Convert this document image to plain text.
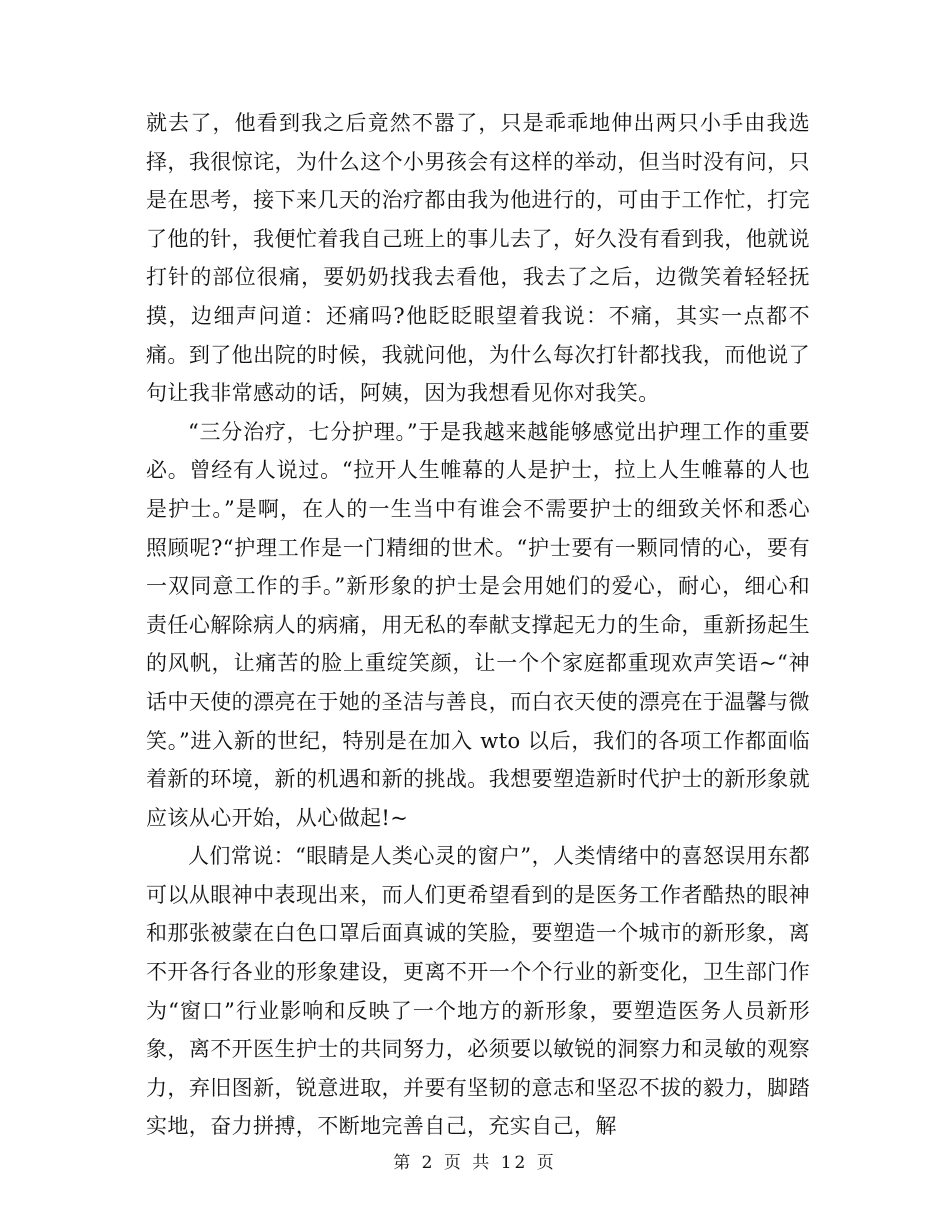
就去了，他看到我之后竟然不嚣了，只是乖乖地伸出两只小手由我选择，我很惊诧，为什么这个小男孩会有这样的举动，但当时没有问，只是在思考，接下来几天的治疗都由我为他进行的，可由于工作忙，打完了他的针，我便忙着我自己班上的事儿去了，好久没有看到我，他就说打针的部位很痛，要奶奶找我去看他，我去了之后，边微笑着轻轻抚摸，边细声问道：还痛吗?他眨眨眼望着我说：不痛，其实一点都不痛。到了他出院的时候，我就问他，为什么每次打针都找我，而他说了句让我非常感动的话，阿姨，因为我想看见你对我笑。

“三分治疗，七分护理。”于是我越来越能够感觉出护理工作的重要必。曾经有人说过。“拉开人生帷幕的人是护士，拉上人生帷幕的人也是护士。”是啊，在人的一生当中有谁会不需要护士的细致关怀和悉心照顾呢?“护理工作是一门精细的世术。“护士要有一颗同情的心，要有一双同意工作的手。”新形象的护士是会用她们的爱心，耐心，细心和责任心解除病人的病痛，用无私的奉献支撑起无力的生命，重新扬起生的风帆，让痛苦的脸上重绽笑颜，让一个个家庭都重现欢声笑语~“神话中天使的漂亮在于她的圣洁与善良，而白衣天使的漂亮在于温馨与微笑。”进入新的世纪，特别是在加入 wto 以后，我们的各项工作都面临着新的环境，新的机遇和新的挑战。我想要塑造新时代护士的新形象就应该从心开始，从心做起!~

人们常说：“眼睛是人类心灵的窗户”，人类情绪中的喜怒误用东都可以从眼神中表现出来，而人们更希望看到的是医务工作者酷热的眼神和那张被蒙在白色口罩后面真诚的笑脸，要塑造一个城市的新形象，离不开各行各业的形象建设，更离不开一个个行业的新变化，卫生部门作为“窗口”行业影响和反映了一个地方的新形象，要塑造医务人员新形象，离不开医生护士的共同努力，必须要以敏锐的洞察力和灵敏的观察力，弃旧图新，锐意进取，并要有坚韧的意志和坚忍不拔的毅力，脚踏实地，奋力拼搏，不断地完善自己，充实自己，解

第 2 页 共 12 页
